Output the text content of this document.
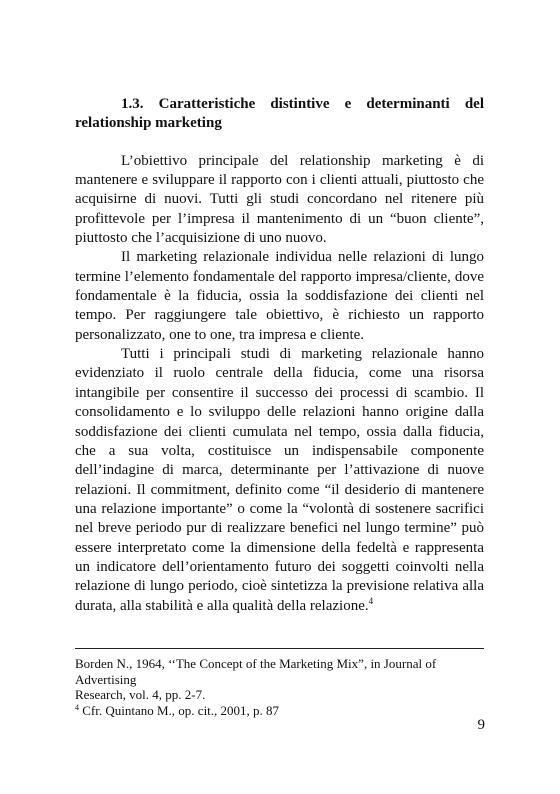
1.3. Caratteristiche distintive e determinanti del relationship marketing

L’obiettivo principale del relationship marketing è di mantenere e sviluppare il rapporto con i clienti attuali, piuttosto che acquisirne di nuovi. Tutti gli studi concordano nel ritenere più profittevole per l’impresa il mantenimento di un “buon cliente”, piuttosto che l’acquisizione di uno nuovo.

Il marketing relazionale individua nelle relazioni di lungo termine l’elemento fondamentale del rapporto impresa/cliente, dove fondamentale è la fiducia, ossia la soddisfazione dei clienti nel tempo. Per raggiungere tale obiettivo, è richiesto un rapporto personalizzato, one to one, tra impresa e cliente.

Tutti i principali studi di marketing relazionale hanno evidenziato il ruolo centrale della fiducia, come una risorsa intangibile per consentire il successo dei processi di scambio. Il consolidamento e lo sviluppo delle relazioni hanno origine dalla soddisfazione dei clienti cumulata nel tempo, ossia dalla fiducia, che a sua volta, costituisce un indispensabile componente dell’indagine di marca, determinante per l’attivazione di nuove relazioni. Il commitment, definito come “il desiderio di mantenere una relazione importante” o come la “volontà di sostenere sacrifici nel breve periodo pur di realizzare benefici nel lungo termine” può essere interpretato come la dimensione della fedeltà e rappresenta un indicatore dell’orientamento futuro dei soggetti coinvolti nella relazione di lungo periodo, cioè sintetizza la previsione relativa alla durata, alla stabilità e alla qualità della relazione.$^4$

Borden N., 1964, ‘‘The Concept of the Marketing Mix”, in Journal of Advertising

Research, vol. 4, pp. 2-7.

$^4$ Cfr. Quintano M., op. cit., 2001, p. 87

9
